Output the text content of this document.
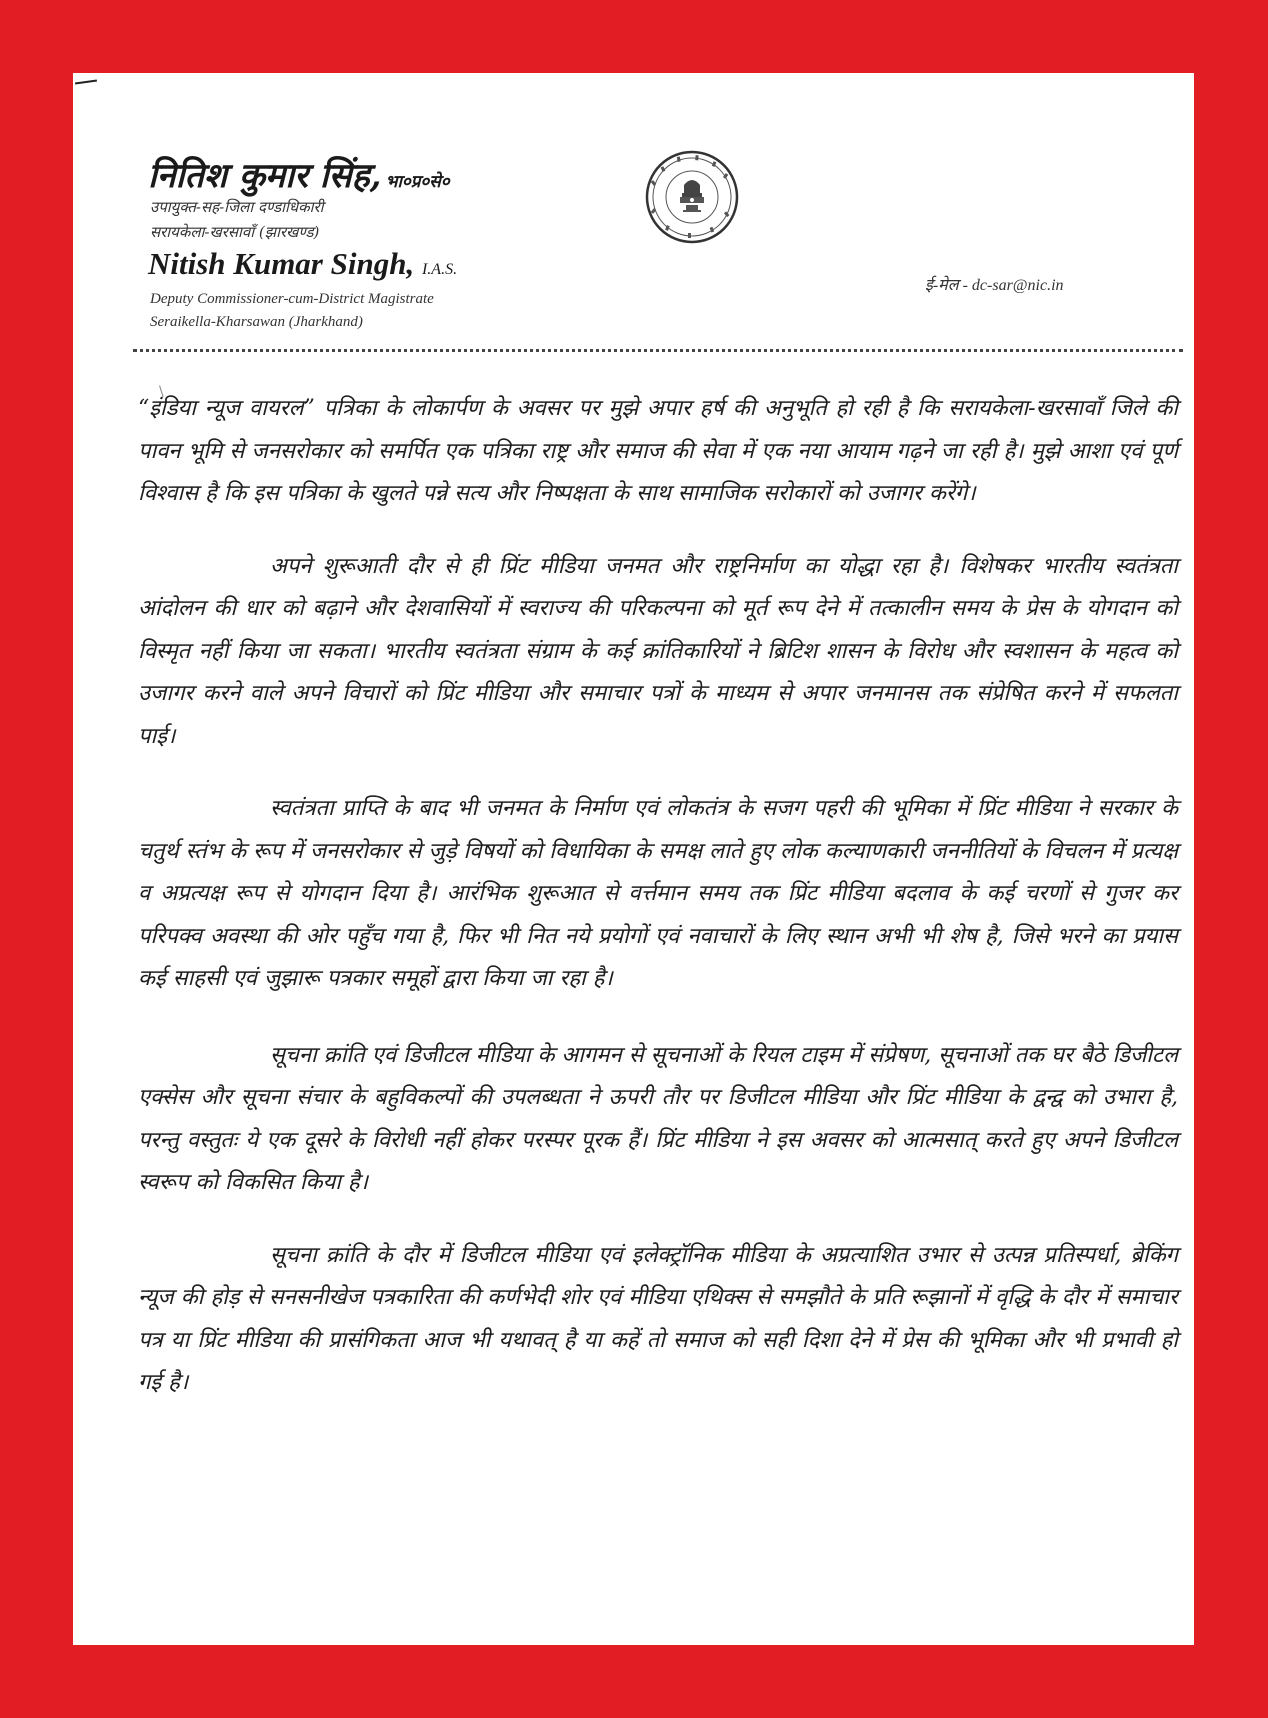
नितिश कुमार सिंह, भा०प्र०से०
उपायुक्त-सह-जिला दण्डाधिकारी
सरायकेला-खरसावाँ (झारखण्ड)
Nitish Kumar Singh, I.A.S.
Deputy Commissioner-cum-District Magistrate
Seraikella-Kharsawan (Jharkhand)
ई-मेल - dc-sar@nic.in
\

“इंडिया न्यूज वायरल” पत्रिका के लोकार्पण के अवसर पर मुझे अपार हर्ष की अनुभूति हो रही है कि सरायकेला-खरसावाँ जिले की पावन भूमि से जनसरोकार को समर्पित एक पत्रिका राष्ट्र और समाज की सेवा में एक नया आयाम गढ़ने जा रही है। मुझे आशा एवं पूर्ण विश्वास है कि इस पत्रिका के खुलते पन्ने सत्य और निष्पक्षता के साथ सामाजिक सरोकारों को उजागर करेंगे।

अपने शुरूआती दौर से ही प्रिंट मीडिया जनमत और राष्ट्रनिर्माण का योद्धा रहा है। विशेषकर भारतीय स्वतंत्रता आंदोलन की धार को बढ़ाने और देशवासियों में स्वराज्य की परिकल्पना को मूर्त रूप देने में तत्कालीन समय के प्रेस के योगदान को विस्मृत नहीं किया जा सकता। भारतीय स्वतंत्रता संग्राम के कई क्रांतिकारियों ने ब्रिटिश शासन के विरोध और स्वशासन के महत्व को उजागर करने वाले अपने विचारों को प्रिंट मीडिया और समाचार पत्रों के माध्यम से अपार जनमानस तक संप्रेषित करने में सफलता पाई।

स्वतंत्रता प्राप्ति के बाद भी जनमत के निर्माण एवं लोकतंत्र के सजग पहरी की भूमिका में प्रिंट मीडिया ने सरकार के चतुर्थ स्तंभ के रूप में जनसरोकार से जुड़े विषयों को विधायिका के समक्ष लाते हुए लोक कल्याणकारी जननीतियों के विचलन में प्रत्यक्ष व अप्रत्यक्ष रूप से योगदान दिया है। आरंभिक शुरूआत से वर्त्तमान समय तक प्रिंट मीडिया बदलाव के कई चरणों से गुजर कर परिपक्व अवस्था की ओर पहुँच गया है, फिर भी नित नये प्रयोगों एवं नवाचारों के लिए स्थान अभी भी शेष है, जिसे भरने का प्रयास कई साहसी एवं जुझारू पत्रकार समूहों द्वारा किया जा रहा है।

सूचना क्रांति एवं डिजीटल मीडिया के आगमन से सूचनाओं के रियल टाइम में संप्रेषण, सूचनाओं तक घर बैठे डिजीटल एक्सेस और सूचना संचार के बहुविकल्पों की उपलब्धता ने ऊपरी तौर पर डिजीटल मीडिया और प्रिंट मीडिया के द्वन्द्व को उभारा है, परन्तु वस्तुतः ये एक दूसरे के विरोधी नहीं होकर परस्पर पूरक हैं। प्रिंट मीडिया ने इस अवसर को आत्मसात् करते हुए अपने डिजीटल स्वरूप को विकसित किया है।

सूचना क्रांति के दौर में डिजीटल मीडिया एवं इलेक्ट्रॉनिक मीडिया के अप्रत्याशित उभार से उत्पन्न प्रतिस्पर्धा, ब्रेकिंग न्यूज की होड़ से सनसनीखेज पत्रकारिता की कर्णभेदी शोर एवं मीडिया एथिक्स से समझौते के प्रति रूझानों में वृद्धि के दौर में समाचार पत्र या प्रिंट मीडिया की प्रासंगिकता आज भी यथावत् है या कहें तो समाज को सही दिशा देने में प्रेस की भूमिका और भी प्रभावी हो गई है।
